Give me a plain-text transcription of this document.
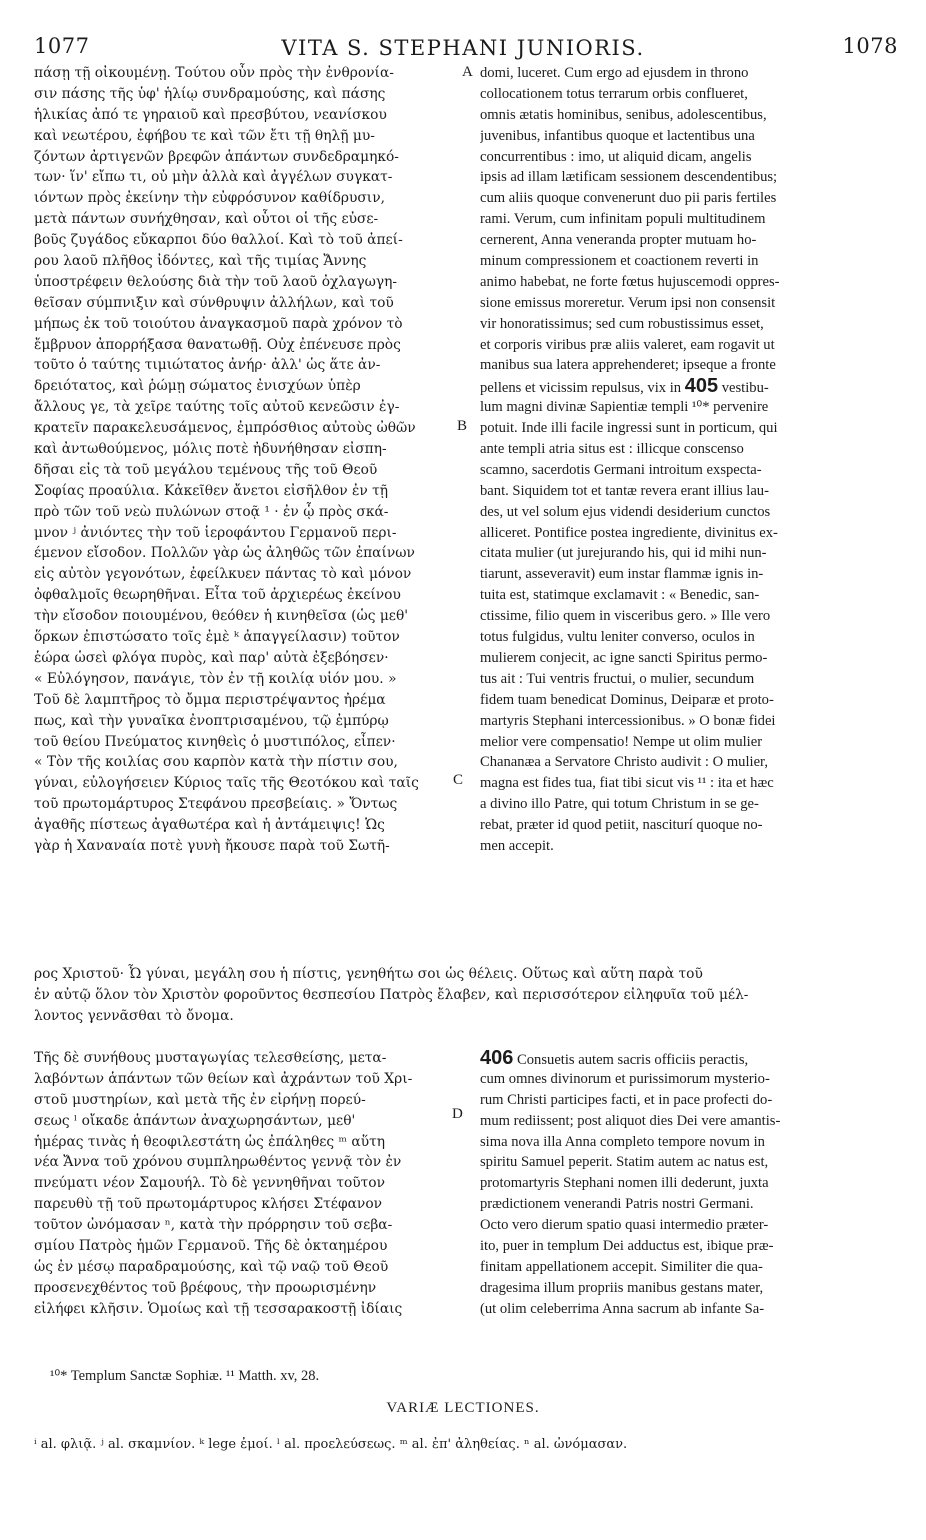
1077	VITA S. STEPHANI JUNIORIS.	1078
πάσῃ τῇ οἰκουμένῃ. Τούτου οὖν πρὸς τὴν ἐνθρονία-
σιν πάσης τῆς ὑφ' ἡλίῳ συνδραμούσης, καὶ πάσης
ἡλικίας ἀπό τε γηραιοῦ καὶ πρεσβύτου, νεανίσκου
καὶ νεωτέρου, ἐφήβου τε καὶ τῶν ἔτι τῇ θηλῇ μυ-
ζόντων ἀρτιγενῶν βρεφῶν ἁπάντων συνδεδραμηκό-
των· ἵν' εἴπω τι, οὐ μὴν ἀλλὰ καὶ ἀγγέλων συγκατ-
ιόντων πρὸς ἐκείνην τὴν εὐφρόσυνον καθίδρυσιν,
μετὰ πάντων συνήχθησαν, καὶ οὗτοι οἱ τῆς εὐσε-
βοῦς ζυγάδος εὔκαρποι δύο θαλλοί. Καὶ τὸ τοῦ ἀπεί-
ρου λαοῦ πλῆθος ἰδόντες, καὶ τῆς τιμίας Ἄννης
ὑποστρέφειν θελούσης διὰ τὴν τοῦ λαοῦ ὀχλαγωγη-
θεῖσαν σύμπνιξιν καὶ σύνθρυψιν ἀλλήλων, καὶ τοῦ
μήπως ἐκ τοῦ τοιούτου ἀναγκασμοῦ παρὰ χρόνον τὸ
ἔμβρυον ἀπορρήξασα θανατωθῇ. Οὐχ ἐπένευσε πρὸς
τοῦτο ὁ ταύτης τιμιώτατος ἀνήρ· ἀλλ' ὡς ἅτε ἀν-
δρειότατος, καὶ ῥώμῃ σώματος ἐνισχύων ὑπὲρ
ἄλλους γε, τὰ χεῖρε ταύτης τοῖς αὐτοῦ κενεῶσιν ἐγ-
κρατεῖν παρακελευσάμενος, ἐμπρόσθιος αὐτοὺς ὠθῶν
καὶ ἀντωθούμενος, μόλις ποτὲ ἠδυνήθησαν εἰσπη-
δῆσαι εἰς τὰ τοῦ μεγάλου τεμένους τῆς τοῦ Θεοῦ
Σοφίας προαύλια. Κἀκεῖθεν ἄνετοι εἰσῆλθον ἐν τῇ
πρὸ τῶν τοῦ νεὼ πυλώνων στοᾷ ¹ · ἐν ᾧ πρὸς σκά-
μνον ʲ ἀνιόντες τὴν τοῦ ἱεροφάντου Γερμανοῦ περι-
έμενον εἴσοδον. Πολλῶν γὰρ ὡς ἀληθῶς τῶν ἐπαίνων
εἰς αὐτὸν γεγονότων, ἐφείλκυεν πάντας τὸ καὶ μόνον
ὀφθαλμοῖς θεωρηθῆναι. Εἶτα τοῦ ἀρχιερέως ἐκείνου
τὴν εἴσοδον ποιουμένου, θεόθεν ἡ κινηθεῖσα (ὡς μεθ'
ὅρκων ἐπιστώσατο τοῖς ἐμὲ ᵏ ἀπαγγείλασιν) τοῦτον
ἑώρα ὡσεὶ φλόγα πυρὸς, καὶ παρ' αὐτὰ ἐξεβόησεν·
« Εὐλόγησον, πανάγιε, τὸν ἐν τῇ κοιλίᾳ υἱόν μου. »
Τοῦ δὲ λαμπτῆρος τὸ ὄμμα περιστρέψαντος ἠρέμα
πως, καὶ τὴν γυναῖκα ἐνοπτρισαμένου, τῷ ἐμπύρῳ
τοῦ θείου Πνεύματος κινηθεὶς ὁ μυστιπόλος, εἶπεν·
« Τὸν τῆς κοιλίας σου καρπὸν κατὰ τὴν πίστιν σου,
γύναι, εὐλογήσειεν Κύριος ταῖς τῆς Θεοτόκου καὶ ταῖς
τοῦ πρωτομάρτυρος Στεφάνου πρεσβείαις. » Ὄντως
ἀγαθῆς πίστεως ἀγαθωτέρα καὶ ἡ ἀντάμειψις! Ὡς
γὰρ ἡ Χαναναία ποτὲ γυνὴ ἤκουσε παρὰ τοῦ Σωτῆ-
domi, luceret. Cum ergo ad ejusdem in throno
collocationem totus terrarum orbis conflueret,
omnis ætatis hominibus, senibus, adolescentibus,
juvenibus, infantibus quoque et lactentibus una
concurrentibus : imo, ut aliquid dicam, angelis
ipsis ad illam lætificam sessionem descendentibus;
cum aliis quoque convenerunt duo pii paris fertiles
rami. Verum, cum infinitam populi multitudinem
cernerent, Anna veneranda propter mutuam ho-
minum compressionem et coactionem reverti in
animo habebat, ne forte fœtus hujuscemodi oppres-
sione emissus moreretur. Verum ipsi non consensit
vir honoratissimus; sed cum robustissimus esset,
et corporis viribus præ aliis valeret, eam rogavit ut
manibus sua latera apprehenderet; ipseque a fronte
pellens et vicissim repulsus, vix in 405 vestibu-
lum magni divinæ Sapientiæ templi ¹⁰* pervenire
potuit. Inde illi facile ingressi sunt in porticum, qui
ante templi atria situs est : illicque conscenso
scamno, sacerdotis Germani introitum exspecta-
bant. Siquidem tot et tantæ revera erant illius lau-
des, ut vel solum ejus videndi desiderium cunctos
alliceret. Pontifice postea ingrediente, divinitus ex-
citata mulier (ut jurejurando his, qui id mihi nun-
tiarunt, asseveravit) eum instar flammæ ignis in-
tuita est, statimque exclamavit : « Benedic, san-
ctissime, filio quem in visceribus gero. » Ille vero
totus fulgidus, vultu leniter converso, oculos in
mulierem conjecit, ac igne sancti Spiritus permo-
tus ait : Tui ventris fructui, o mulier, secundum
fidem tuam benedicat Dominus, Deiparæ et proto-
martyris Stephani intercessionibus. » O bonæ fidei
melior vere compensatio! Nempe ut olim mulier
Chananæa a Servatore Christo audivit : O mulier,
magna est fides tua, fiat tibi sicut vis ¹¹ : ita et hæc
a divino illo Patre, qui totum Christum in se ge-
rebat, præter id quod petiit, nasciturí quoque no-
men accepit.
A
B
C
D
ρος Χριστοῦ· Ὦ γύναι, μεγάλη σου ἡ πίστις, γενηθήτω σοι ὡς θέλεις. Οὕτως καὶ αὕτη παρὰ τοῦ
ἐν αὐτῷ ὅλον τὸν Χριστὸν φοροῦντος θεσπεσίου Πατρὸς ἔλαβεν, καὶ περισσότερον εἰληφυῖα τοῦ μέλ-
λοντος γεννᾶσθαι τὸ ὄνομα.
Τῆς δὲ συνήθους μυσταγωγίας τελεσθείσης, μετα-
λαβόντων ἁπάντων τῶν θείων καὶ ἀχράντων τοῦ Χρι-
στοῦ μυστηρίων, καὶ μετὰ τῆς ἐν εἰρήνῃ πορεύ-
σεως ˡ οἴκαδε ἁπάντων ἀναχωρησάντων, μεθ'
ἡμέρας τινὰς ἡ θεοφιλεστάτη ὡς ἐπάληθες ᵐ αὕτη
νέα Ἄννα τοῦ χρόνου συμπληρωθέντος γεννᾷ τὸν ἐν
πνεύματι νέον Σαμουήλ. Τὸ δὲ γεννηθῆναι τοῦτον
παρευθὺ τῇ τοῦ πρωτομάρτυρος κλήσει Στέφανον
τοῦτον ὠνόμασαν ⁿ, κατὰ τὴν πρόρρησιν τοῦ σεβα-
σμίου Πατρὸς ἡμῶν Γερμανοῦ. Τῆς δὲ ὀκταημέρου
ὡς ἐν μέσῳ παραδραμούσης, καὶ τῷ ναῷ τοῦ Θεοῦ
προσενεχθέντος τοῦ βρέφους, τὴν προωρισμένην
εἰλήφει κλῆσιν. Ὁμοίως καὶ τῇ τεσσαρακοστῇ ἰδίαις
406 Consuetis autem sacris officiis peractis,
cum omnes divinorum et purissimorum mysterio-
rum Christi participes facti, et in pace profecti do-
mum rediissent; post aliquot dies Dei vere amantis-
sima nova illa Anna completo tempore novum in
spiritu Samuel peperit. Statim autem ac natus est,
protomartyris Stephani nomen illi dederunt, juxta
prædictionem venerandi Patris nostri Germani.
Octo vero dierum spatio quasi intermedio præter-
ito, puer in templum Dei adductus est, ibique præ-
finitam appellationem accepit. Similiter die qua-
dragesima illum propriis manibus gestans mater,
(ut olim celeberrima Anna sacrum ab infante Sa-
¹⁰* Templum Sanctæ Sophiæ. ¹¹ Matth. xv, 28.
VARIÆ LECTIONES.
ⁱ al. φλιᾷ. ʲ al. σκαμνίον. ᵏ lege ἐμοί. ˡ al. προελεύσεως. ᵐ al. ἐπ' ἀληθείας. ⁿ al. ὠνόμασαν.
